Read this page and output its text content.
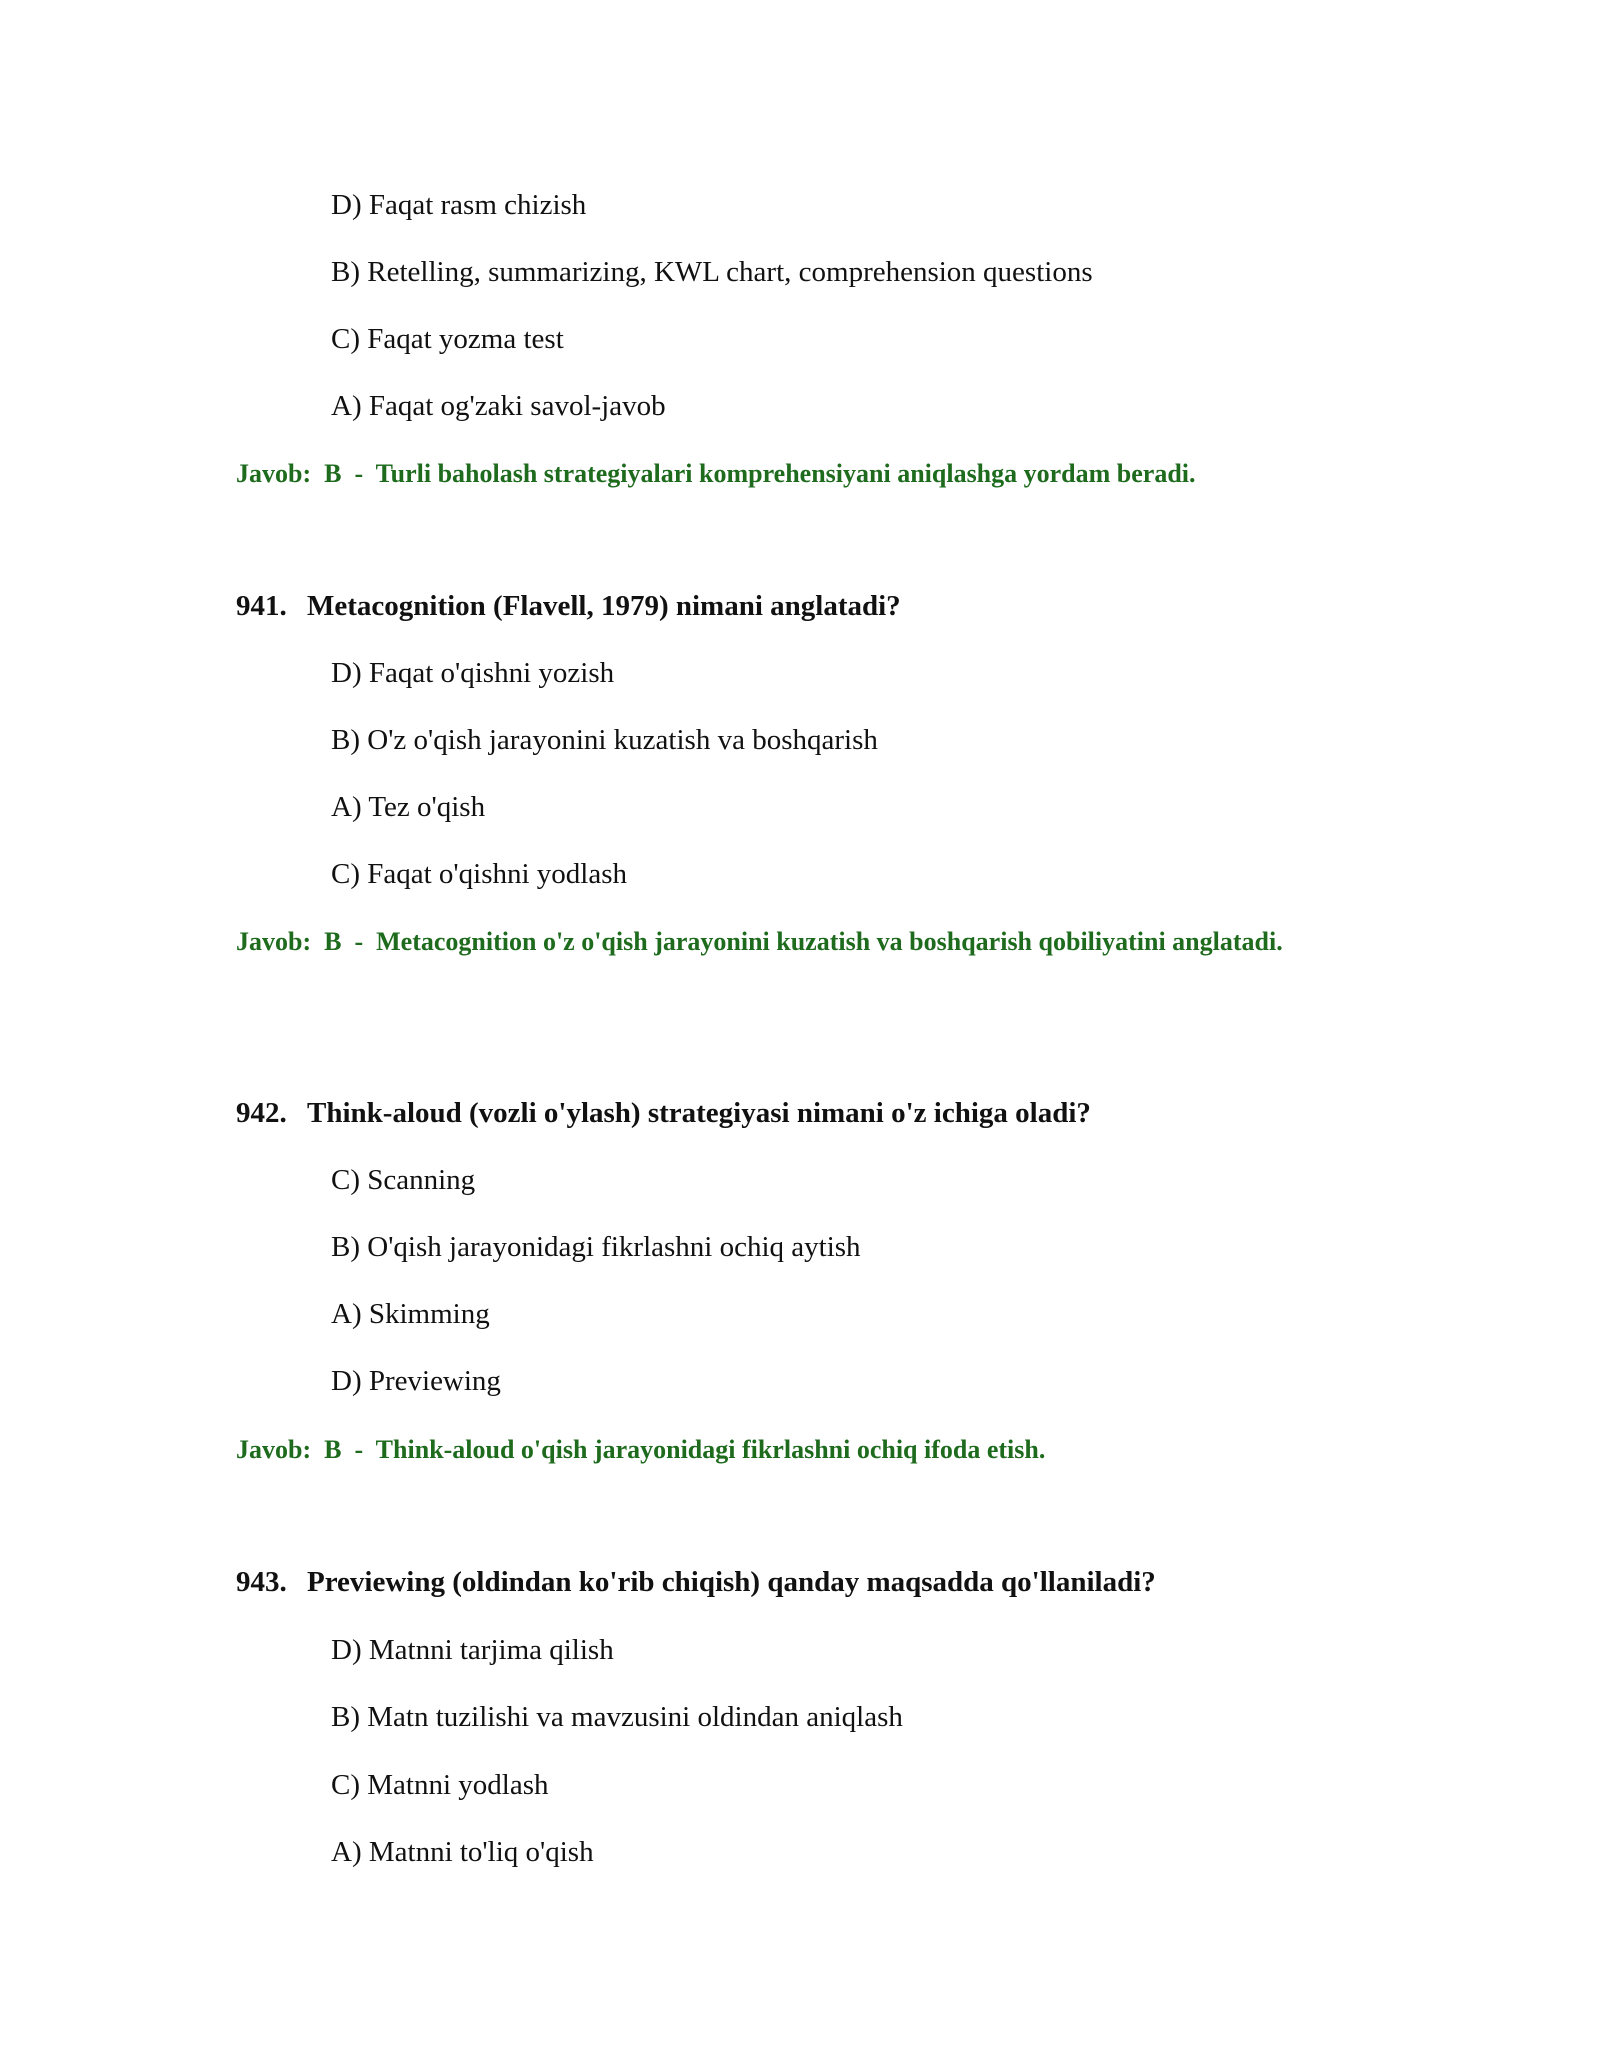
D) Faqat rasm chizish
B) Retelling, summarizing, KWL chart, comprehension questions
C) Faqat yozma test
A) Faqat og'zaki savol-javob
Javob: B  -  Turli baholash strategiyalari komprehensiyani aniqlashga yordam beradi.
941. Metacognition (Flavell, 1979) nimani anglatadi?
D) Faqat o'qishni yozish
B) O'z o'qish jarayonini kuzatish va boshqarish
A) Tez o'qish
C) Faqat o'qishni yodlash
Javob: B  -  Metacognition o'z o'qish jarayonini kuzatish va boshqarish qobiliyatini anglatadi.
942. Think-aloud (vozli o'ylash) strategiyasi nimani o'z ichiga oladi?
C) Scanning
B) O'qish jarayonidagi fikrlashni ochiq aytish
A) Skimming
D) Previewing
Javob: B  -  Think-aloud o'qish jarayonidagi fikrlashni ochiq ifoda etish.
943. Previewing (oldindan ko'rib chiqish) qanday maqsadda qo'llaniladi?
D) Matnni tarjima qilish
B) Matn tuzilishi va mavzusini oldindan aniqlash
C) Matnni yodlash
A) Matnni to'liq o'qish
